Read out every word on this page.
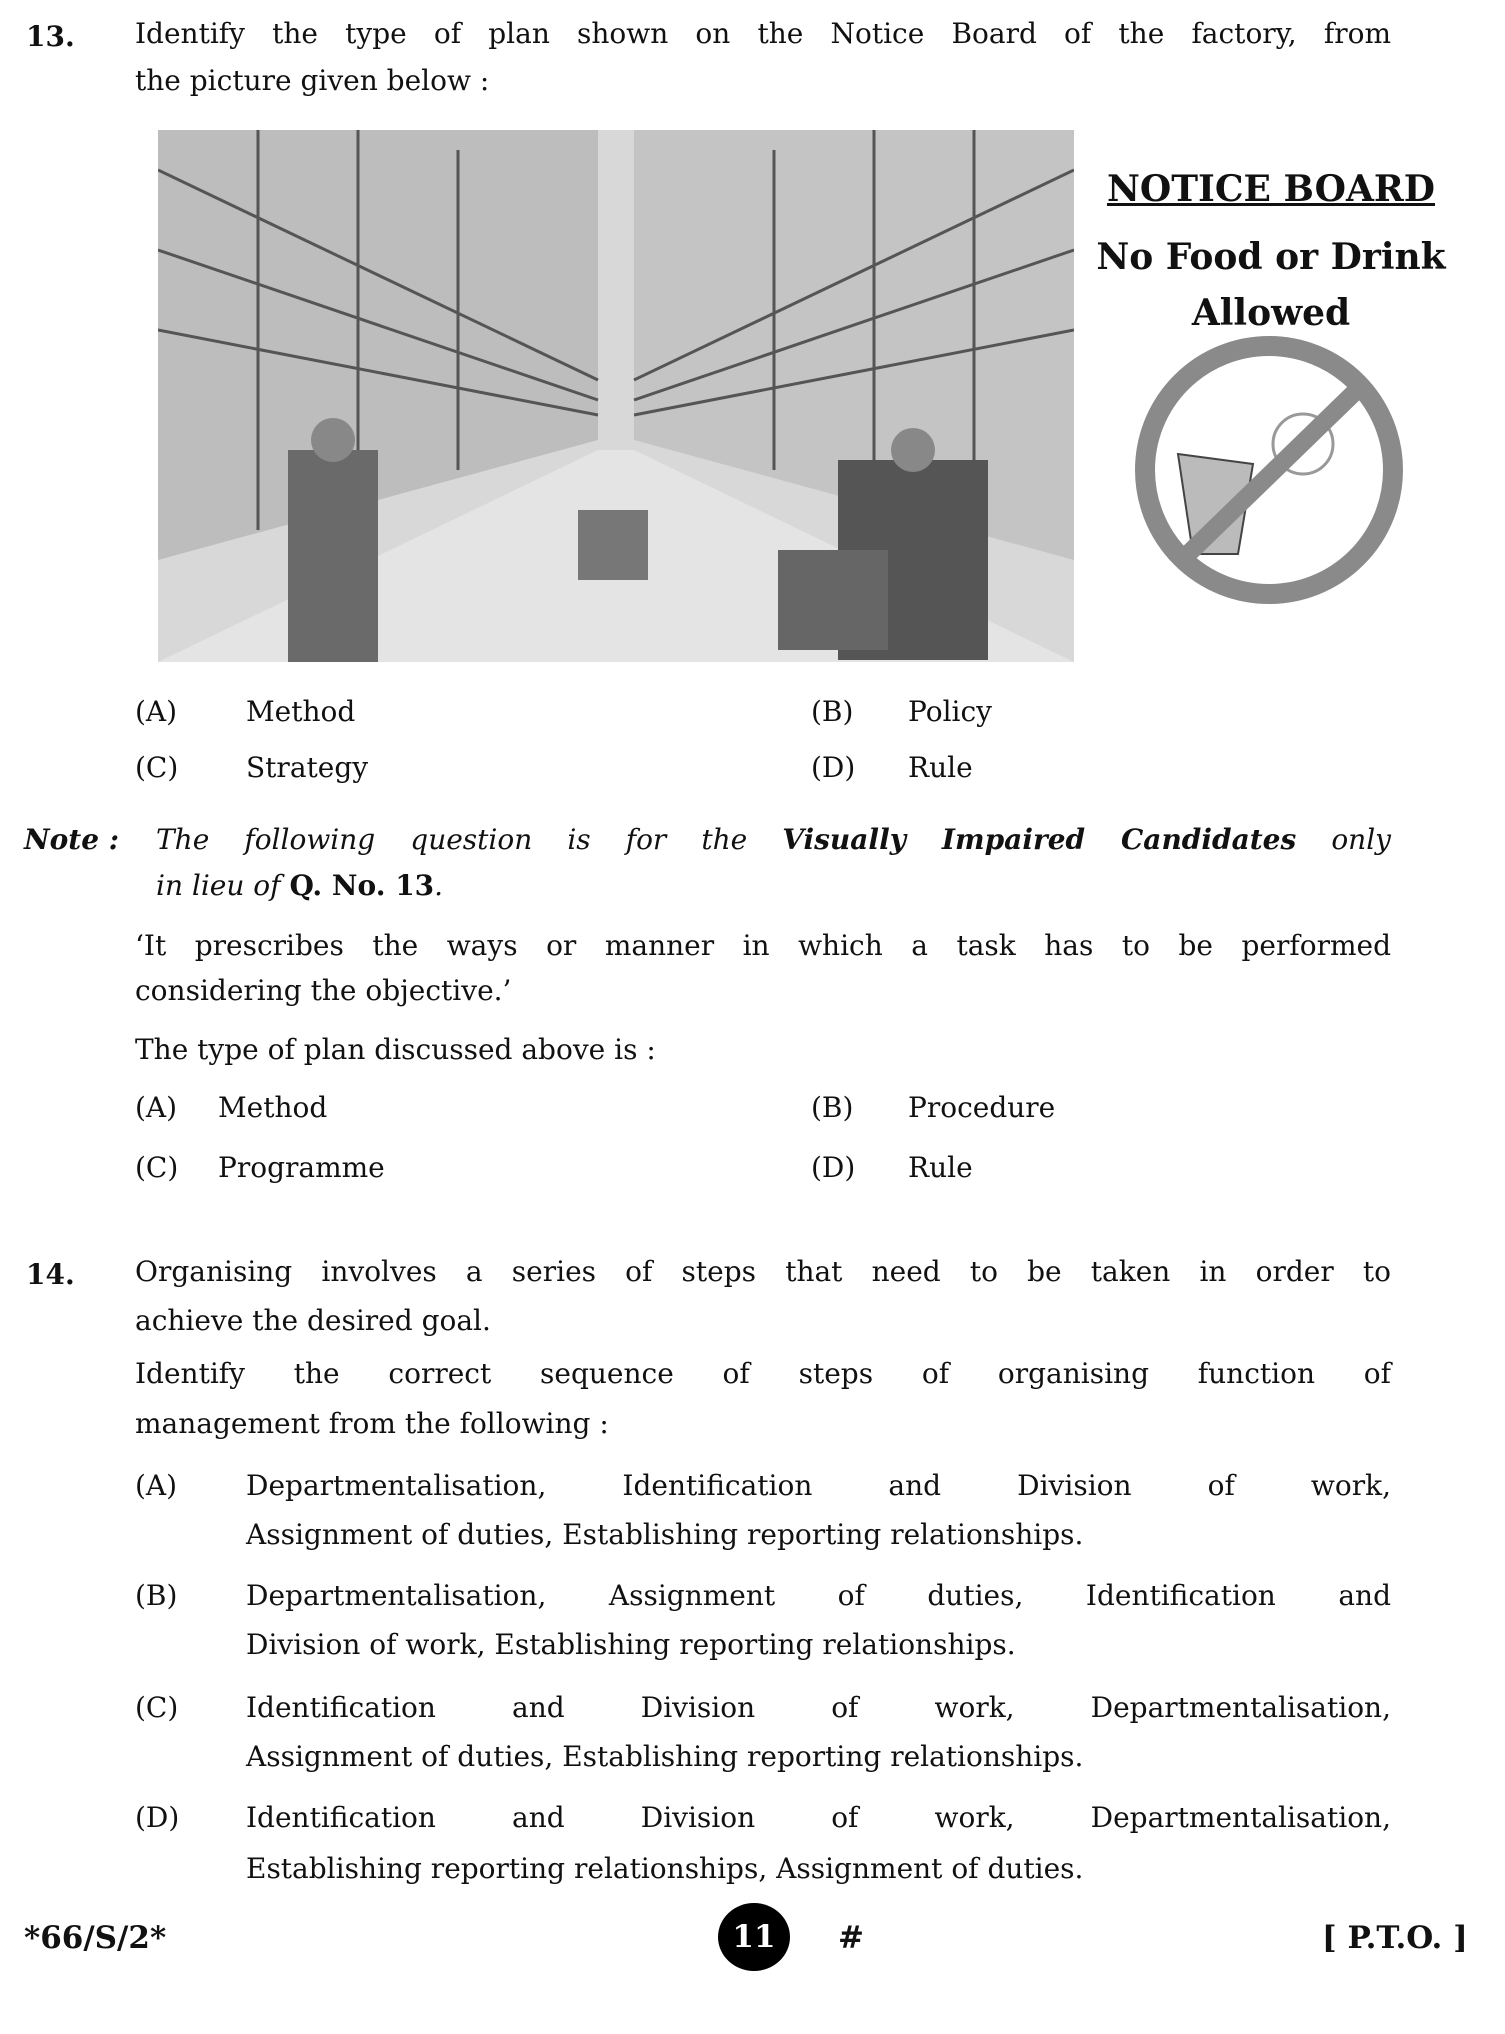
13. Identify the type of plan shown on the Notice Board of the factory, from
the picture given below :
NOTICE BOARD
No Food or Drink
Allowed
(A) Method	(B) Policy
(C) Strategy	(D) Rule
Note : The following question is for the Visually Impaired Candidates only
in lieu of Q. No. 13.
‘It prescribes the ways or manner in which a task has to be performed
considering the objective.’
The type of plan discussed above is :
(A) Method	(B) Procedure
(C) Programme	(D) Rule
14. Organising involves a series of steps that need to be taken in order to
achieve the desired goal.
Identify the correct sequence of steps of organising function of
management from the following :
(A) Departmentalisation, Identification and Division of work,
Assignment of duties, Establishing reporting relationships.
(B) Departmentalisation, Assignment of duties, Identification and
Division of work, Establishing reporting relationships.
(C) Identification and Division of work, Departmentalisation,
Assignment of duties, Establishing reporting relationships.
(D) Identification and Division of work, Departmentalisation,
Establishing reporting relationships, Assignment of duties.
*66/S/2*	11	#	[ P.T.O. ]
